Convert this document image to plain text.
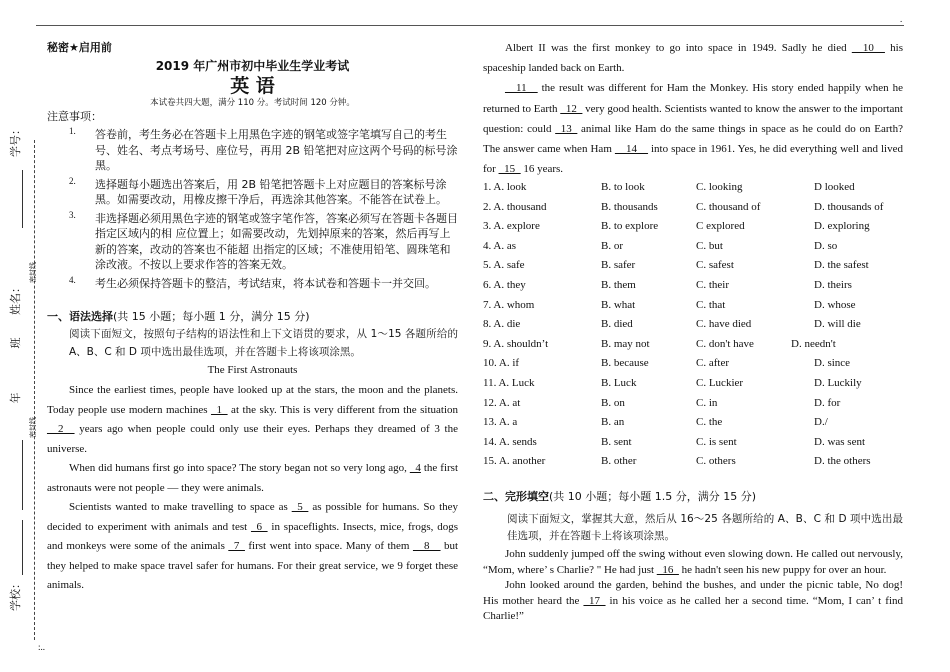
.
:..
学号：
密封线
姓名：
班
年
密封线
学校：
秘密★启用前
2019 年广州市初中毕业生学业考试
英 语
本试卷共四大题，满分 110 分。考试时间 120 分钟。
注意事项：
1. 答卷前，考生务必在答题卡上用黑色字迹的钢笔或签字笔填写自己的考生号、姓名、考点考场号、座位号，再用 2B 铅笔把对应这两个号码的标号涂黑。
2. 选择题每小题选出答案后，用 2B 铅笔把答题卡上对应题目的答案标号涂黑。如需要改动，用橡皮擦干净后，再选涂其他答案。不能答在试卷上。
3. 非选择题必须用黑色字迹的钢笔或签字笔作答，答案必须写在答题卡各题目指定区域内的相 应位置上；如需要改动，先划掉原来的答案，然后再写上新的答案，改动的答案也不能超 出指定的区域；不准使用铅笔、圆珠笔和涂改液。不按以上要求作答的答案无效。
4. 考生必须保持答题卡的整洁，考试结束，将本试卷和答题卡一并交回。
一、语法选择(共 15 小题；每小题 1 分，满分 15 分)
阅读下面短文，按照句子结构的语法性和上下文语贯的要求，从 1～15 各题所给的 A、B、C 和 D 项中选出最佳选项，并在答题卡上将该项涂黑。
The First Astronauts

Since the earliest times, people have looked up at the stars, the moon and the planets. Today people use modern machines _1_ at the sky. This is very different from the situation __2__ years ago when people could only use their eyes. Perhaps they dreamed of 3 the universe.

When did humans first go into space? The story began not so very long ago, _4 the first astronauts were not people — they were animals.

Scientists wanted to make travelling to space as _5_ as possible for humans. So they decided to experiment with animals and test _6_ in spaceflights. Insects, mice, frogs, dogs and monkeys were some of the animals _7_ first went into space. Many of them __8__ but they helped to make space travel safer for humans. For their great service, we 9 forget these animals.

Albert II was the first monkey to go into space in 1949. Sadly he died __10__ his spaceship landed back on Earth.

__11__ the result was different for Ham the Monkey. His story ended happily when he returned to Earth _12_ very good health. Scientists wanted to know the answer to the important question: could _13_ animal like Ham do the same things in space as he could do on Earth? The answer came when Ham __14__ into space in 1961. Yes, he did everything well and lived for _15_ 16 years.

1. A. look	B. to look	C. looking	D looked
2. A. thousand	B. thousands	C. thousand of	D. thousands of
3. A. explore	B. to explore	C explored	D. exploring
4. A. as	B. or	C. but	D. so
5. A. safe	B. safer	C. safest	D. the safest
6. A. they	B. them	C. their	D. theirs
7. A. whom	B. what	C. that	D. whose
8. A. die	B. died	C. have died	D. will die
9. A. shouldn’t	B. may not	C. don't have	D. needn't
10. A. if	B. because	C. after	D. since
11. A. Luck	B. Luck	C. Luckier	D. Luckily
12. A. at	B. on	C. in	D. for
13. A. a	B. an	C. the	D./
14. A. sends	B. sent	C. is sent	D. was sent
15. A. another	B. other	C. others	D. the others
二、完形填空(共 10 小题；每小题 1.5 分，满分 15 分)
阅读下面短文，掌握其大意，然后从 16～25 各题所给的 A、B、C 和 D 项中选出最佳选项，并在答题卡上将该项涂黑。

John suddenly jumped off the swing without even slowing down. He called out nervously, “Mom, where’ s Charlie? " He had just _16_ he hadn't seen his new puppy for over an hour.

John looked around the garden, behind the bushes, and under the picnic table, No dog! His mother heard the _17_ in his voice as he called her a second time. “Mom, I can’ t find Charlie!”
